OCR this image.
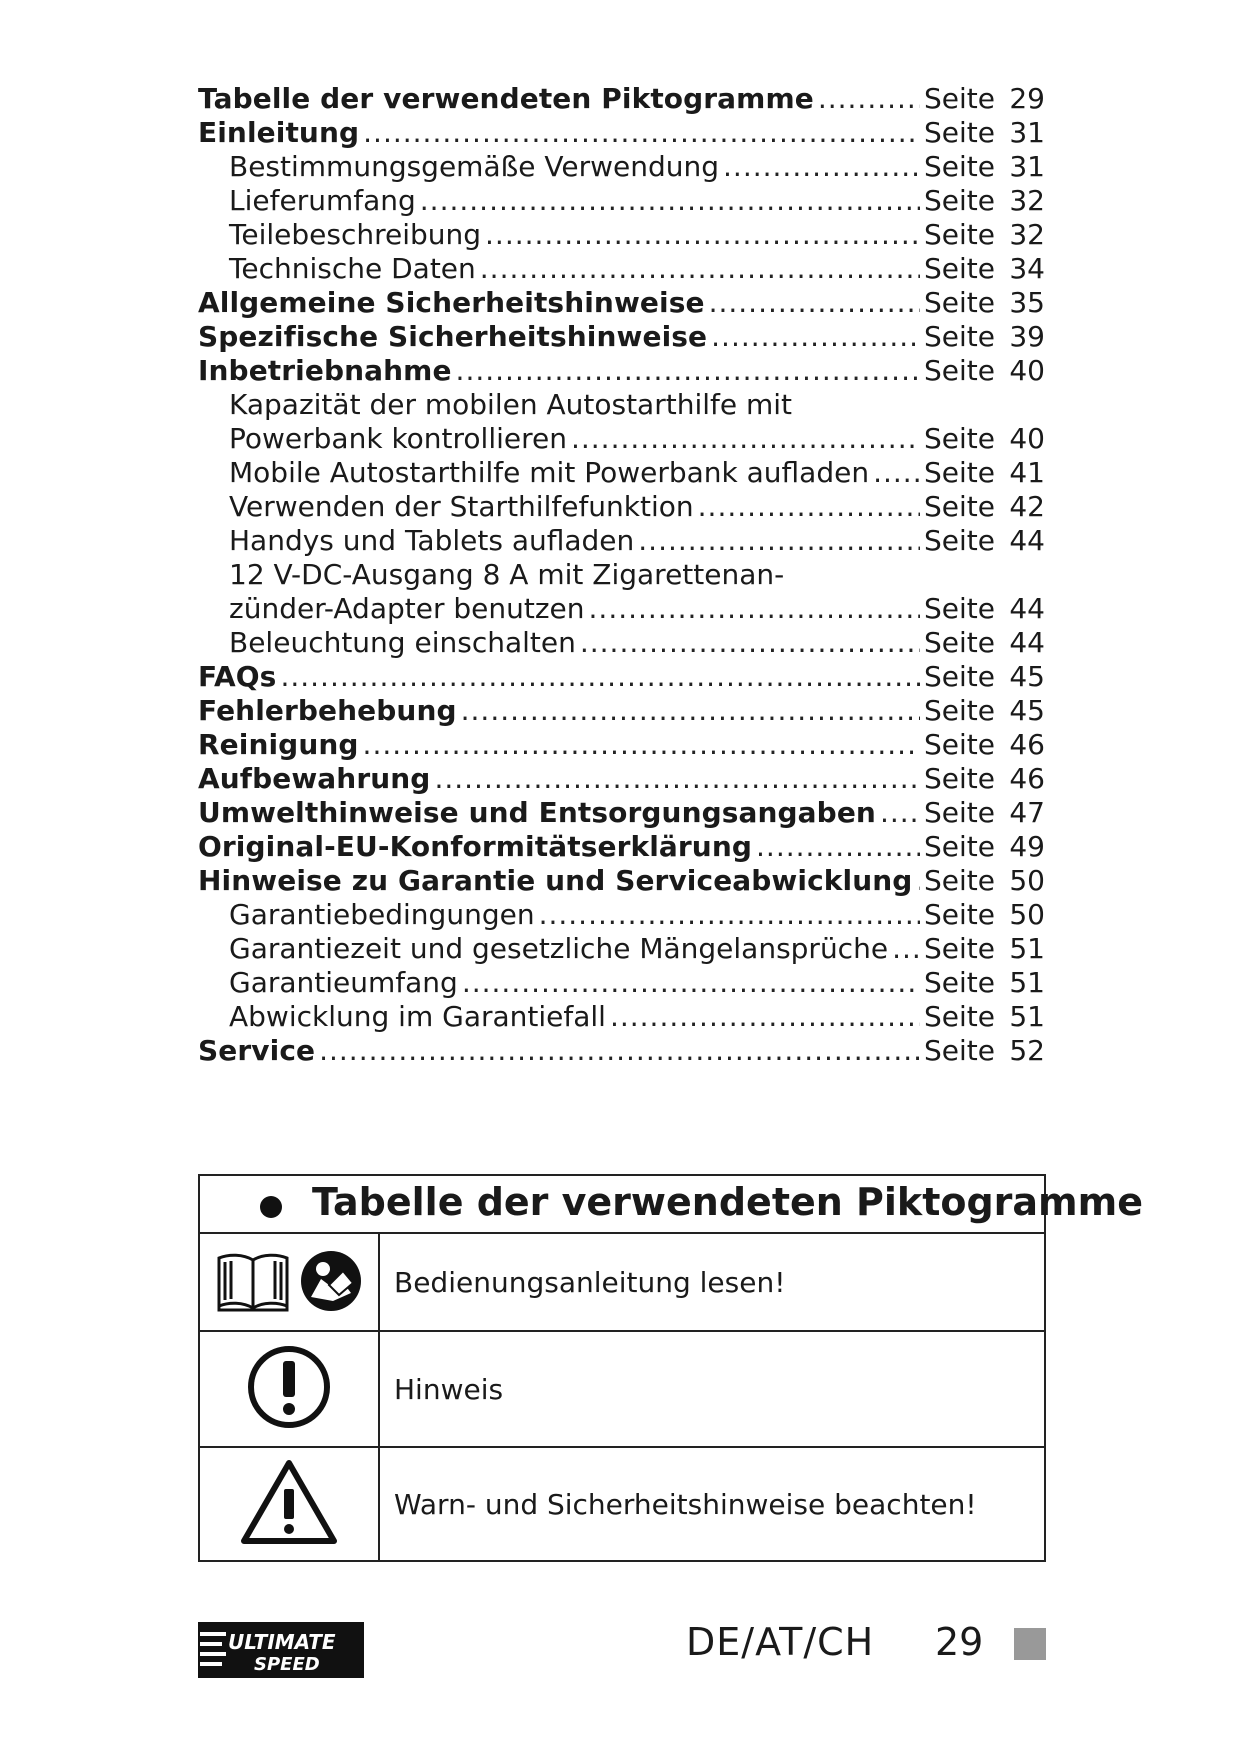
Tabelle der verwendeten Piktogramme .....	Seite 29
Einleitung .....	Seite 31
Bestimmungsgemäße Verwendung .....	Seite 31
Lieferumfang .....	Seite 32
Teilebeschreibung .....	Seite 32
Technische Daten .....	Seite 34
Allgemeine Sicherheitshinweise .....	Seite 35
Spezifische Sicherheitshinweise .....	Seite 39
Inbetriebnahme .....	Seite 40
Kapazität der mobilen Autostarthilfe mit
Powerbank kontrollieren .....	Seite 40
Mobile Autostarthilfe mit Powerbank aufladen ..... Seite 41
Verwenden der Starthilfefunktion .....	Seite 42
Handys und Tablets aufladen .....	Seite 44
12 V-DC-Ausgang 8 A mit Zigarettenan-
zünder-Adapter benutzen .....	Seite 44
Beleuchtung einschalten .....	Seite 44
FAQs .....	Seite 45
Fehlerbehebung .....	Seite 45
Reinigung .....	Seite 46
Aufbewahrung .....	Seite 46
Umwelthinweise und Entsorgungsangaben ..... Seite 47
Original-EU-Konformitätserklärung .....	Seite 49
Hinweise zu Garantie und Serviceabwicklung ..... Seite 50
Garantiebedingungen .....	Seite 50
Garantiezeit und gesetzliche Mängelansprüche ..... Seite 51
Garantieumfang .....	Seite 51
Abwicklung im Garantiefall .....	Seite 51
Service .....	Seite 52
Tabelle der verwendeten Piktogramme
	Bedienungsanleitung lesen!
	Hinweis
	Warn- und Sicherheitshinweise beachten!
ULTIMATE
SPEED
DE/AT/CH 29
